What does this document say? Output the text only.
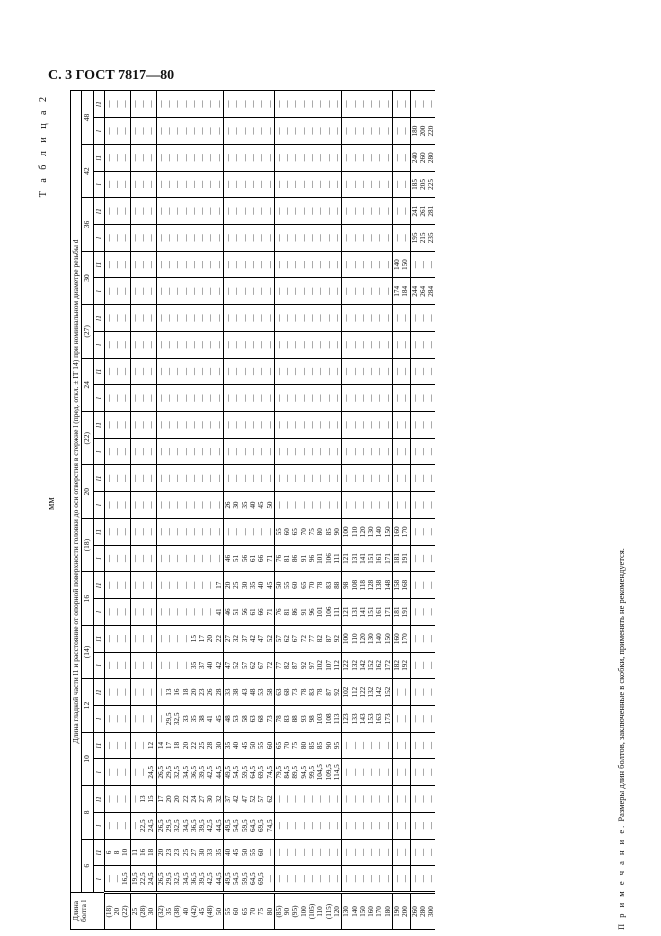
С. 3 ГОСТ 7817—80
Т а б л и ц а 2
мм
Длина болта l	Длина гладкой части l1 и расстояние от опорной поверхности головки до оси отверстия в стержне l (пред. откл. ± IT 14) при номинальном диаметре резьбы d																													
	6		8		10		12		(14)		16		(18)		20		(22)		24		(27)		30		36		42		48	
	l	l1	l	l1	l	l1	l	l1	l	l1	l	l1	l	l1	l	l1	l	l1	l	l1	l	l1	l	l1	l	l1	l	l1	l	l1
(18)	—	6	—	—	—	—	—	—	—	—	—	—	—	—	—	—	—	—	—	—	—	—	—	—	—	—	—	—	—	—
20	—	8	—	—	—	—	—	—	—	—	—	—	—	—	—	—	—	—	—	—	—	—	—	—	—	—	—	—	—	—
(22)	16,5	10	—	—	—	—	—	—	—	—	—	—	—	—	—	—	—	—	—	—	—	—	—	—	—	—	—	—	—	—
25	19,5	11	—	—	—	—	—	—	—	—	—	—	—	—	—	—	—	—	—	—	—	—	—	—	—	—	—	—	—	—
(28)	22,5	16	22,5	13	—	—	—	—	—	—	—	—	—	—	—	—	—	—	—	—	—	—	—	—	—	—	—	—	—	—
30	24,5	18	24,5	15	24,5	12	—	—	—	—	—	—	—	—	—	—	—	—	—	—	—	—	—	—	—	—	—	—	—	—
(32)	26,5	20	26,5	17	26,5	14	—	—	—	—	—	—	—	—	—	—	—	—	—	—	—	—	—	—	—	—	—	—	—	—
35	29,5	23	29,5	20	29,5	17	29,5	13	—	—	—	—	—	—	—	—	—	—	—	—	—	—	—	—	—	—	—	—	—	—
(38)	32,5	23	32,5	20	32,5	18	32,5	16	—	—	—	—	—	—	—	—	—	—	—	—	—	—	—	—	—	—	—	—	—	—
40	34,5	25	34,5	22	34,5	20	33	18	—	—	—	—	—	—	—	—	—	—	—	—	—	—	—	—	—	—	—	—	—	—
(42)	36,5	27	36,5	24	36,5	22	35	20	35	15	—	—	—	—	—	—	—	—	—	—	—	—	—	—	—	—	—	—	—	—
45	39,5	30	39,5	27	39,5	25	38	23	37	17	—	—	—	—	—	—	—	—	—	—	—	—	—	—	—	—	—	—	—	—
(48)	42,5	33	42,5	30	42,5	28	41	26	40	20	—	—	—	—	—	—	—	—	—	—	—	—	—	—	—	—	—	—	—	—
50	44,5	35	44,5	32	44,5	30	45	28	42	22	41	17	—	—	—	—	—	—	—	—	—	—	—	—	—	—	—	—	—	—
55	49,5	40	49,5	37	49,5	35	48	33	47	27	46	20	46	—	26	—	—	—	—	—	—	—	—	—	—	—	—	—	—	—
60	54,5	45	54,5	42	54,5	40	53	38	52	32	51	25	51	—	30	—	—	—	—	—	—	—	—	—	—	—	—	—	—	—
65	59,5	50	59,5	47	59,5	45	58	43	57	37	56	30	56	—	35	—	—	—	—	—	—	—	—	—	—	—	—	—	—	—
70	64,5	55	64,5	52	64,5	50	63	48	62	42	61	35	61	—	40	—	—	—	—	—	—	—	—	—	—	—	—	—	—	—
75	69,5	60	69,5	57	69,5	55	68	53	67	47	66	40	66	—	45	—	—	—	—	—	—	—	—	—	—	—	—	—	—	—
80	—	—	74,5	62	74,5	60	73	58	72	52	71	45	71	—	50	—	—	—	—	—	—	—	—	—	—	—	—	—	—	—
(85)	—	—	—	—	79,5	65	78	63	77	57	76	50	76	55	—	—	—	—	—	—	—	—	—	—	—	—	—	—	—	—
90	—	—	—	—	84,5	70	83	68	82	62	81	55	81	60	—	—	—	—	—	—	—	—	—	—	—	—	—	—	—	—
(95)	—	—	—	—	89,5	75	88	73	87	67	86	60	86	65	—	—	—	—	—	—	—	—	—	—	—	—	—	—	—	—
100	—	—	—	—	94,5	80	93	78	92	72	91	65	91	70	—	—	—	—	—	—	—	—	—	—	—	—	—	—	—	—
(105)	—	—	—	—	99,5	85	98	83	97	77	96	70	96	75	—	—	—	—	—	—	—	—	—	—	—	—	—	—	—	—
110	—	—	—	—	104,5	85	103	78	102	82	101	78	101	80	—	—	—	—	—	—	—	—	—	—	—	—	—	—	—	—
(115)	—	—	—	—	109,5	90	108	87	107	87	106	83	106	85	—	—	—	—	—	—	—	—	—	—	—	—	—	—	—	—
120	—	—	—	—	114,5	95	113	92	112	92	111	88	111	90	—	—	—	—	—	—	—	—	—	—	—	—	—	—	—	—
130	—	—	—	—	—	—	123	102	122	100	121	98	121	100	—	—	—	—	—	—	—	—	—	—	—	—	—	—	—	—
140	—	—	—	—	—	—	133	112	132	110	131	108	131	110	—	—	—	—	—	—	—	—	—	—	—	—	—	—	—	—
150	—	—	—	—	—	—	143	122	142	120	141	118	141	120	—	—	—	—	—	—	—	—	—	—	—	—	—	—	—	—
160	—	—	—	—	—	—	153	132	152	130	151	128	151	130	—	—	—	—	—	—	—	—	—	—	—	—	—	—	—	—
170	—	—	—	—	—	—	163	142	162	140	161	138	161	140	—	—	—	—	—	—	—	—	—	—	—	—	—	—	—	—
180	—	—	—	—	—	—	173	152	172	150	171	148	171	150	—	—	—	—	—	—	—	—	—	—	—	—	—	—	—	—
190	—	—	—	—	—	—	—	—	182	160	181	158	181	160	—	—	—	—	—	—	—	—	174	140	—	—	—	—	—	—
200	—	—	—	—	—	—	—	—	192	170	191	168	191	170	—	—	—	—	—	—	—	—	184	150	—	—	—	—	—	—
260	—	—	—	—	—	—	—	—	—	—	—	—	—	—	—	—	—	—	—	—	—	—	244	—	195	241	185	240	180	—
280	—	—	—	—	—	—	—	—	—	—	—	—	—	—	—	—	—	—	—	—	—	—	264	—	215	261	205	260	200	—
300	—	—	—	—	—	—	—	—	—	—	—	—	—	—	—	—	—	—	—	—	—	—	284	—	235	281	225	280	220	—
П р и м е ч а н и е. Размеры длин болтов, заключенные в скобки, применять не рекомендуется.
